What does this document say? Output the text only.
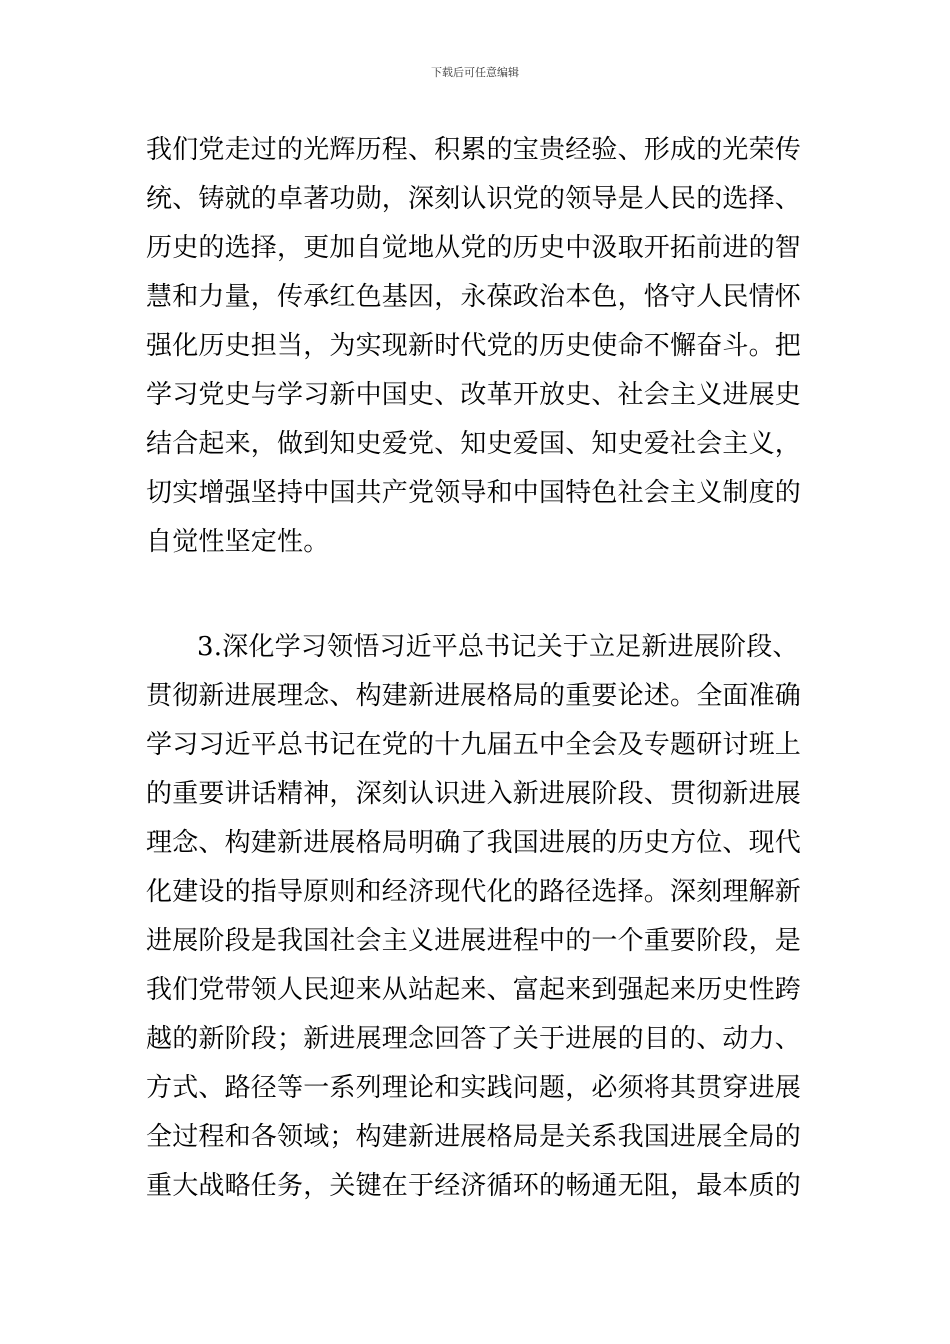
下载后可任意编辑
我们党走过的光辉历程、积累的宝贵经验、形成的光荣传
统、铸就的卓著功勋，深刻认识党的领导是人民的选择、
历史的选择，更加自觉地从党的历史中汲取开拓前进的智
慧和力量，传承红色基因，永葆政治本色，恪守人民情怀
强化历史担当，为实现新时代党的历史使命不懈奋斗。把
学习党史与学习新中国史、改革开放史、社会主义进展史
结合起来，做到知史爱党、知史爱国、知史爱社会主义，
切实增强坚持中国共产党领导和中国特色社会主义制度的
自觉性坚定性。
3.深化学习领悟习近平总书记关于立足新进展阶段、
贯彻新进展理念、构建新进展格局的重要论述。全面准确
学习习近平总书记在党的十九届五中全会及专题研讨班上
的重要讲话精神，深刻认识进入新进展阶段、贯彻新进展
理念、构建新进展格局明确了我国进展的历史方位、现代
化建设的指导原则和经济现代化的路径选择。深刻理解新
进展阶段是我国社会主义进展进程中的一个重要阶段，是
我们党带领人民迎来从站起来、富起来到强起来历史性跨
越的新阶段；新进展理念回答了关于进展的目的、动力、
方式、路径等一系列理论和实践问题，必须将其贯穿进展
全过程和各领域；构建新进展格局是关系我国进展全局的
重大战略任务，关键在于经济循环的畅通无阻，最本质的
